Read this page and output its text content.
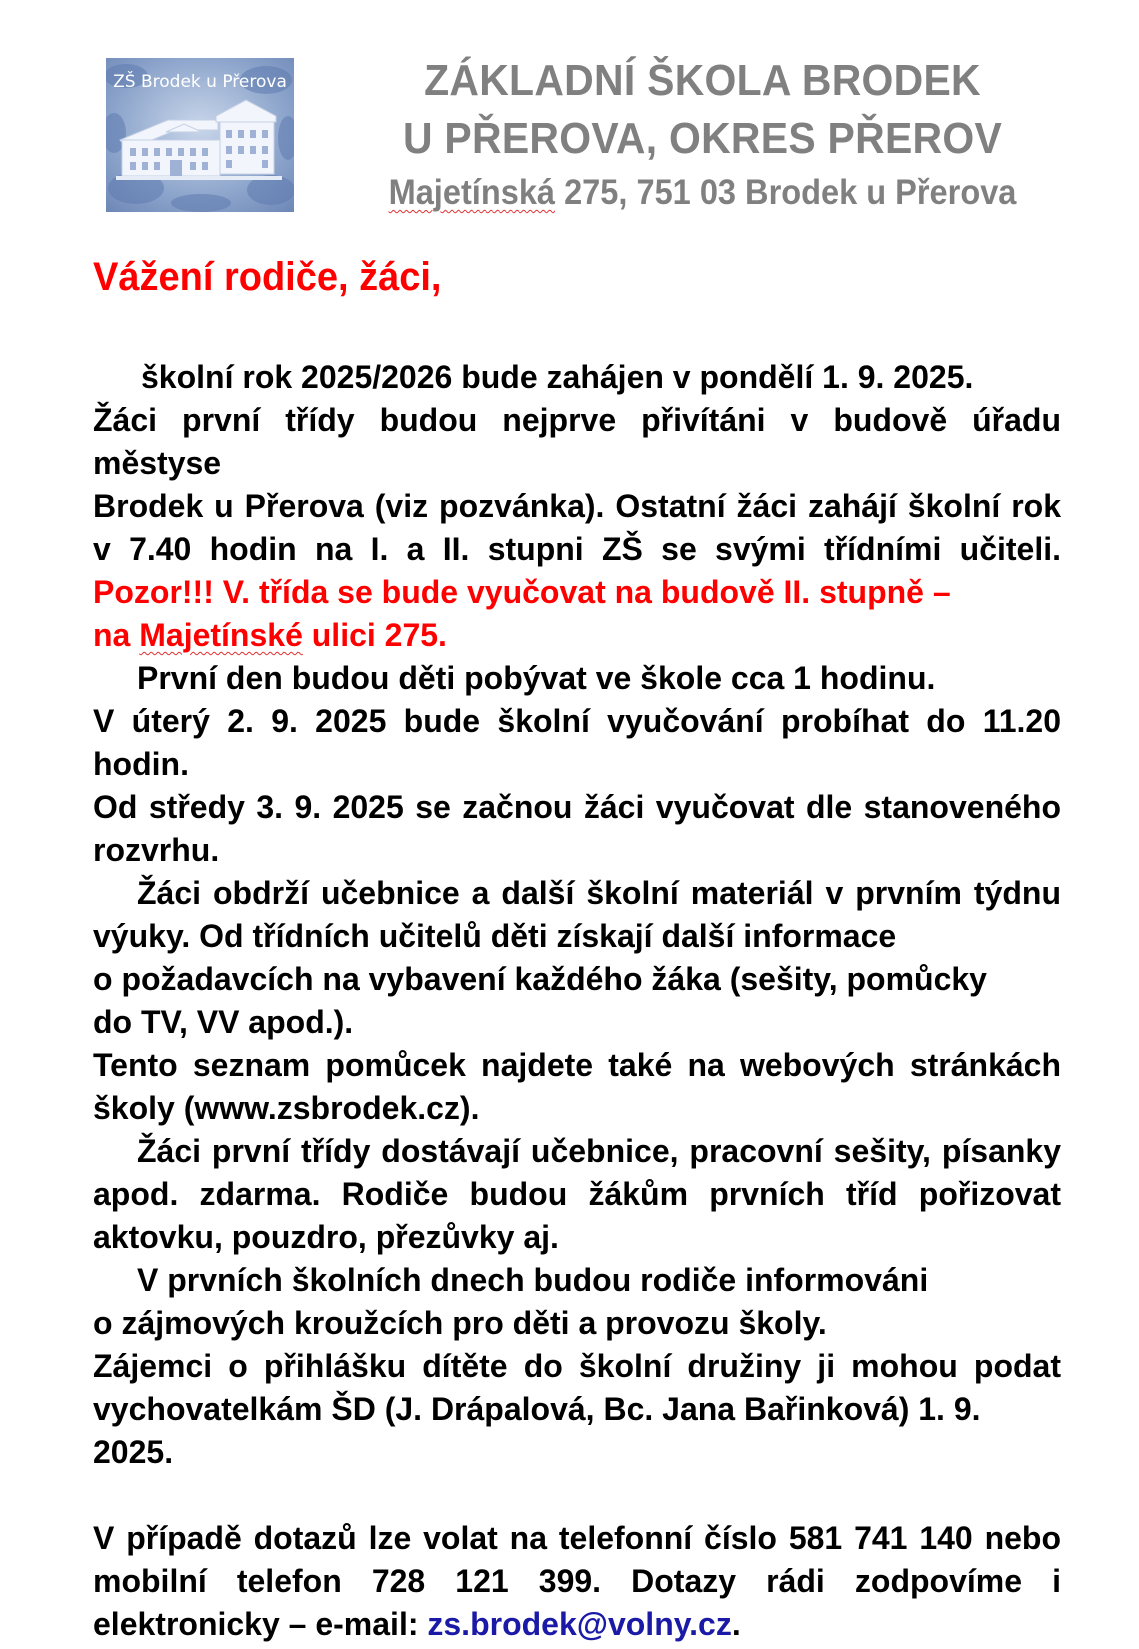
ZŠ Brodek u Přerova	ZÁKLADNÍ ŠKOLA BRODEK
U PŘEROVA, OKRES PŘEROV
Majetínská 275, 751 03 Brodek u Přerova
Vážení rodiče, žáci,

školní rok 2025/2026 bude zahájen v pondělí 1. 9. 2025.

Žáci první třídy budou nejprve přivítáni v budově úřadu městyse

Brodek u Přerova (viz pozvánka). Ostatní žáci zahájí školní rok

v 7.40 hodin na I. a II. stupni ZŠ se svými třídními učiteli.

Pozor!!! V. třída se bude vyučovat na budově II. stupně –

na Majetínské ulici 275.

První den budou děti pobývat ve škole cca 1 hodinu.

V úterý 2. 9. 2025 bude školní vyučování probíhat do 11.20

hodin.

Od středy 3. 9. 2025 se začnou žáci vyučovat dle stanoveného

rozvrhu.

Žáci obdrží učebnice a další školní materiál v prvním týdnu

výuky. Od třídních učitelů děti získají další informace

o požadavcích na vybavení každého žáka (sešity, pomůcky

do TV, VV apod.).

Tento seznam pomůcek najdete také na webových stránkách

školy (www.zsbrodek.cz).

Žáci první třídy dostávají učebnice, pracovní sešity, písanky

apod. zdarma. Rodiče budou žákům prvních tříd pořizovat

aktovku, pouzdro, přezůvky aj.

V prvních školních dnech budou rodiče informováni

o zájmových kroužcích pro děti a provozu školy.

Zájemci o přihlášku dítěte do školní družiny ji mohou podat

vychovatelkám ŠD (J. Drápalová, Bc. Jana Bařinková) 1. 9. 2025.

V případě dotazů lze volat na telefonní číslo 581 741 140 nebo

mobilní telefon 728 121 399. Dotazy rádi zodpovíme i

elektronicky – e-mail: zs.brodek@volny.cz.
